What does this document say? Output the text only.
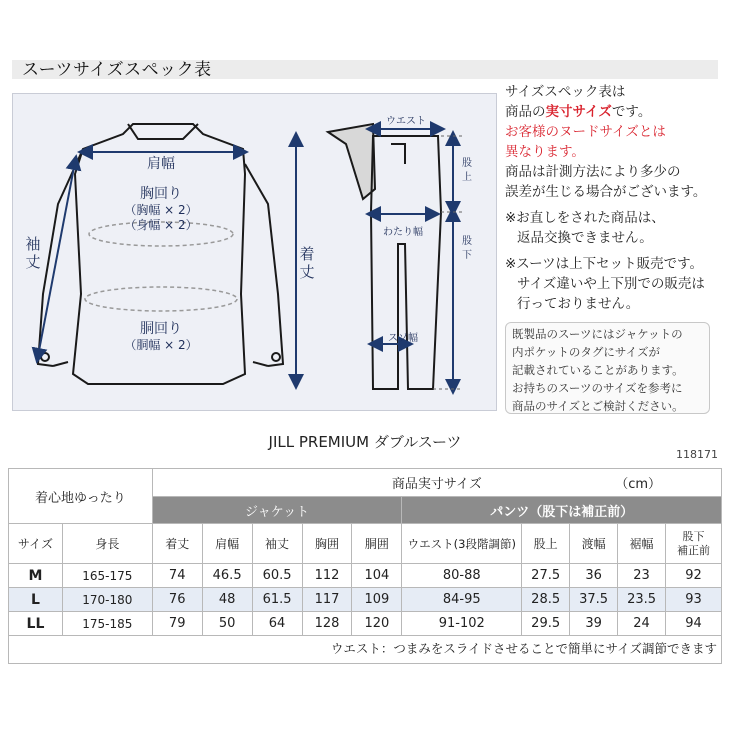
スーツサイズスペック表
肩幅
胸回り
（胸幅 × 2）
（身幅 × 2）
胴回り
（胴幅 × 2）
袖
丈	着
丈
ウエスト
わたり幅
スソ幅
股
上
股
下

サイズスペック表は

商品の実寸サイズです。

お客様のヌードサイズとは

異なります。

商品は計測方法により多少の

誤差が生じる場合がございます。

※お直しをされた商品は、

返品交換できません。

※スーツは上下セット販売です。

サイズ違いや上下別での販売は

行っておりません。

既製品のスーツにはジャケットの
内ポケットのタグにサイズが
記載されていることがあります。
お持ちのスーツのサイズを参考に
商品のサイズとご検討ください。
JILL PREMIUM ダブルスーツ
118171
着心地ゆったり		商品実寸サイズ （cm）									

		ジャケット					パンツ（股下は補正前）				
サイズ	身長	着丈	肩幅	袖丈	胸囲	胴囲	ウエスト(3段階調節)	股上	渡幅	裾幅	股下
補正前

M	165-175	74	46.5	60.5	112	104	80-88	27.5	36	23	92
L	170-180	76	48	61.5	117	109	84-95	28.5	37.5	23.5	93
LL	175-185	79	50	64	128	120	91-102	29.5	39	24	94
ウエスト：つまみをスライドさせることで簡単にサイズ調節できます
